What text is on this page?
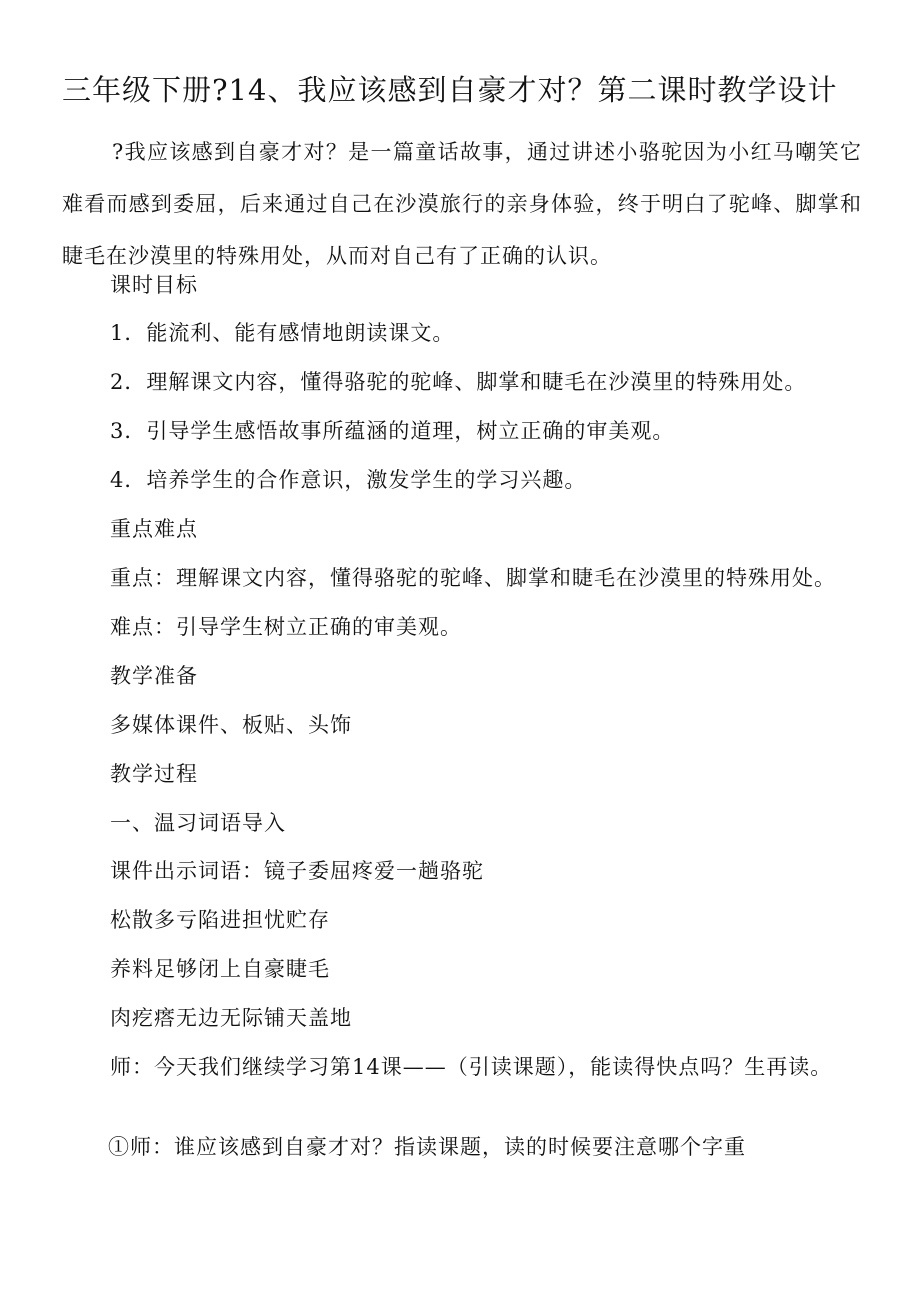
三年级下册?14、我应该感到自豪才对？第二课时教学设计
?我应该感到自豪才对？是一篇童话故事，通过讲述小骆驼因为小红马嘲笑它难看而感到委屈，后来通过自己在沙漠旅行的亲身体验，终于明白了驼峰、脚掌和睫毛在沙漠里的特殊用处，从而对自己有了正确的认识。
课时目标
1．能流利、能有感情地朗读课文。
2．理解课文内容，懂得骆驼的驼峰、脚掌和睫毛在沙漠里的特殊用处。
3．引导学生感悟故事所蕴涵的道理，树立正确的审美观。
4．培养学生的合作意识，激发学生的学习兴趣。
重点难点
重点：理解课文内容，懂得骆驼的驼峰、脚掌和睫毛在沙漠里的特殊用处。
难点：引导学生树立正确的审美观。
教学准备
多媒体课件、板贴、头饰
教学过程
一、温习词语导入
课件出示词语：镜子委屈疼爱一趟骆驼
松散多亏陷进担忧贮存
养料足够闭上自豪睫毛
肉疙瘩无边无际铺天盖地
师：今天我们继续学习第14课——（引读课题），能读得快点吗？生再读。
①师：谁应该感到自豪才对？指读课题，读的时候要注意哪个字重
